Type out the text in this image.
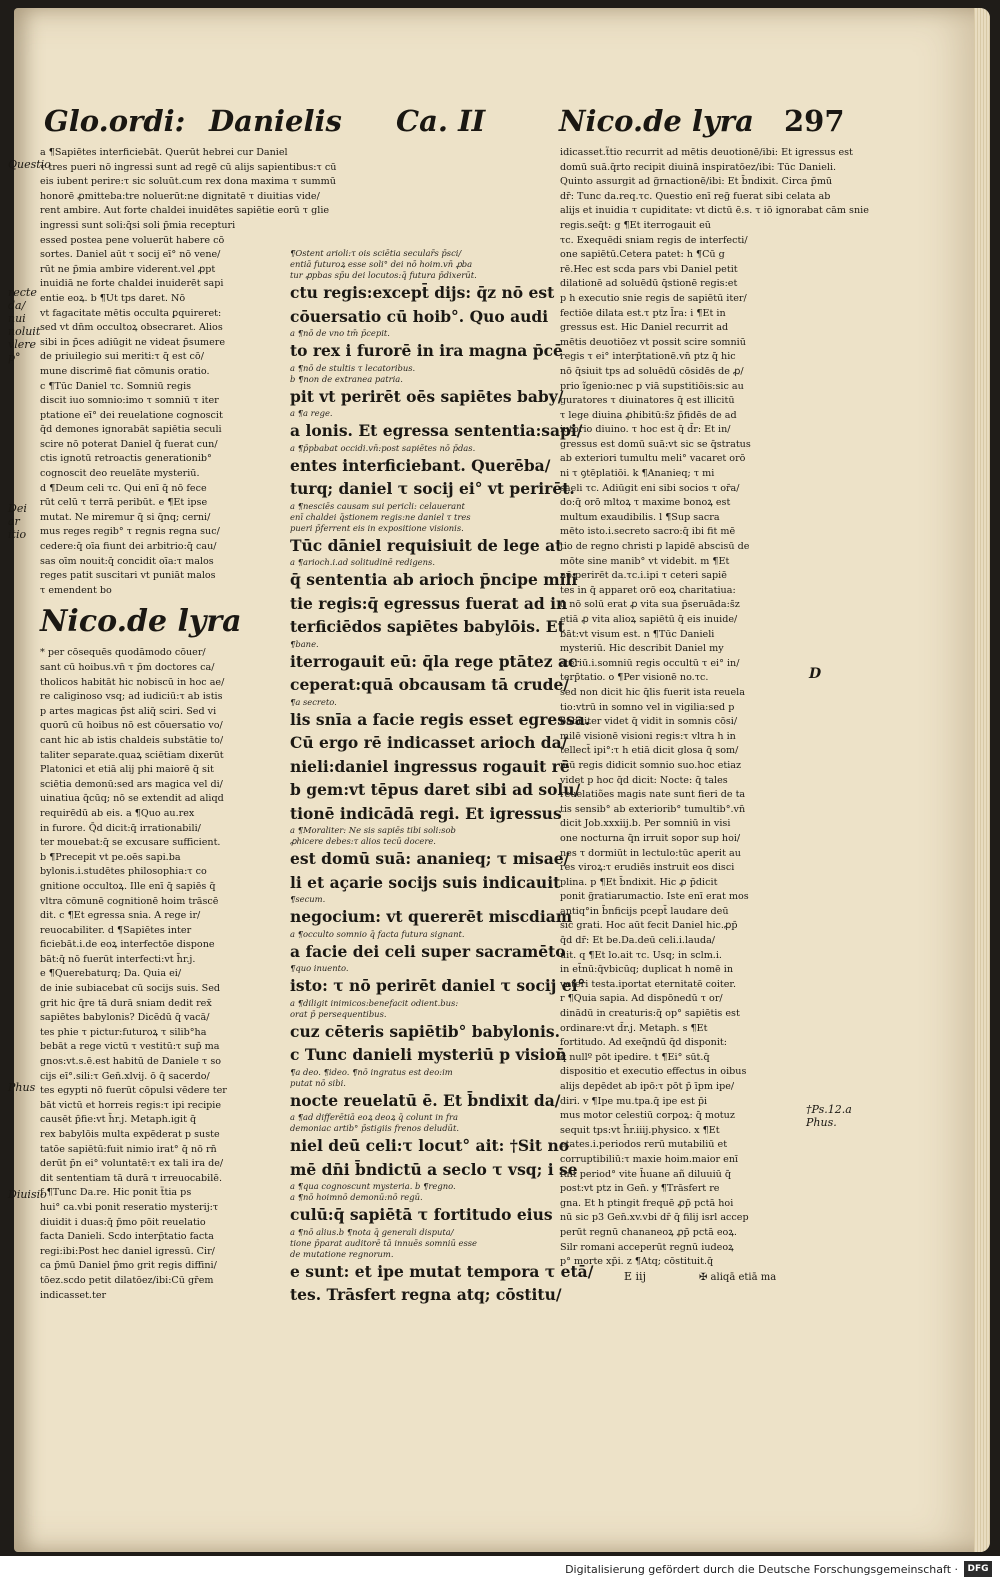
Glo.ordi: Danielis Ca. II	Nico.de lyra 297
Questio
recte da/ nui noluit vlere p°
Dei ar itio
Phus
Diuisio
a ¶Sapiētes interficiebāt. Querūt hebrei cur Daniel
τ tres pueri nō ingressi sunt ad regē cū alijs sapientibus:τ cū
eis iubent perire:τ sic soluūt.cum rex dona maxima τ summū
honorē ꝓmitteba:tre noluerūt:ne dignitatē τ diuitias vide/
rent ambire. Aut forte chaldei inuidētes sapiētie eorū τ glie
ingressi sunt soli:q̄si soli p̄mia recepturi
essed postea pene voluerūt habere cō
sortes. Daniel aūt τ socij eī° nō vene/
rūt ne p̄mia ambire viderent.vel ꝓpt
inuidiā ne forte chaldei inuiderēt sapi
entie eoꝝ. b ¶Ut tps daret. Nō
vt fagacitate mētis occulta ꝑquireret:
sed vt dn̄m occultoꝝ obsecraret. Alios
sibi in p̄ces adiūgit ne videat p̄sumere
de priuilegio sui meriti:τ q̄ est cō/
mune discrimē fiat cōmunis oratio.
c ¶Tūc Daniel τc. Somniū regis
discit iuo somnio:imo τ somniū τ iter
ptatione eī° dei reuelatione cognoscit
q̄d demones ignorabāt sapiētia seculi
scire nō poterat Daniel q̄ fuerat cun/
ctis ignotū retroactis generationib°
cognoscit deo reuelāte mysteriū.
d ¶Deum celi τc. Qui enī q̄ nō fece
rūt celū τ terrā peribūt. e ¶Et ipse
mutat. Ne miremur q̄ si q̄nq; cerni/
mus reges regib° τ regnis regna suc/
cedere:q̄ oīa fiunt dei arbitrio:q̄ cau/
sas oīm nouit:q̄ concidit oīa:τ malos
reges patit suscitari vt puniāt malos
τ emendent bo
Nico.de lyra
* per cōsequēs quodāmodo cōuer/
sant cū hoibus.vn̄ τ p̄m doctores ca/
tholicos habitāt hic nobiscū in hoc ae/
re caliginoso vsq; ad iudiciū:τ ab istis
p artes magicas p̄st aliq̄ sciri. Sed vi
quorū cū hoibus nō est cōuersatio vo/
cant hic ab istis chaldeis substātie to/
taliter separate.quaꝝ sciētiam dixerūt
Platonici et etiā alij phi maiorē q̄ sit
sciētia demonū:sed ars magica vel di/
uinatiua q̄cūq; nō se extendit ad aliqd
requirēdū ab eis. a ¶Quo au.rex
in furore. Q̄d dicit:q̄ irrationabili/
ter mouebat:q̄ se excusare sufficient.
b ¶Precepit vt pe.oēs sapi.ba
bylonis.i.studētes philosophia:τ co
gnitione occultoꝝ. Ille enī q̄ sapiēs q̄
vltra cōmunē cognitionē hoim trāscē
dit. c ¶Et egressa snia. A rege ir/
reuocabiliter. d ¶Sapiētes inter
ficiebāt.i.de eoꝝ interfectōe dispone
bāt:q̄ nō fuerūt interfecti:vt h̄r.j.
e ¶Querebaturq; Da. Quia ei/
de inie subiacebat cū socijs suis. Sed
grit hic q̄re tā durā sniam dedit rex̄
sapiētes babylonis? Dicēdū q̄ vacā/
tes phie τ pictur:futuroꝝ τ silib°ha
bebāt a rege victū τ vestitū:τ sup̄ ma
gnos:vt.s.ē.est habitū de Daniele τ so
cijs eī°.sili:τ Gen̄.xlvij. ō q̄ sacerdo/
tes egypti nō fuerūt cōpulsi vēdere ter
bāt victū et horreis regis:τ ipi recipie
causēt p̄fie:vt h̄r.j. Metaph.igit q̄
rex babylōis multa expēderat p suste
tatōe sapiētū:fuit nimio irat° q̄ nō rn̄
derūt p̄n ei° voluntatē:τ ex tali ira de/
dit sententiam tā durā τ irreuocabilē.
f ¶Tunc Da.re. Hic ponit ẗtia ps
hui° ca.vbi ponit reseratio mysterij:τ
diuidit i duas:q̄ p̄mo pōit reuelatio
facta Danieli. Scdo interp̄tatio facta
regi:ibi:Post hec daniel igressū. Cir/
ca p̄mū Daniel p̄mo grit regis diffini/
tōez.scdo petit dilatōez/ibi:Cū gr̄em
indicasset.ter
¶Ostent arioli:τ ois sciētia secular̄s p̄sci/
entiā futuroꝝ esse soli° dei nō hoim.vn̄ ꝓba
tur ꝓpbas sp̄u dei locutos:q̄ futura p̄dixerūt.
ctu regis:except̄ dijs: q̄z nō est
cōuersatio cū hoib°. Quo audi
a ¶nō de vno tm̄ p̄cepit.
to rex i furorē in ira magna p̄cē
a ¶nō de stultis τ lecatoribus.
b ¶non de extranea patria.
pit vt perirēt oēs sapiētes baby/
a ¶a rege.
a lonis. Et egressa sententia:sapi/
a ¶p̄pbabat occidi.vn̄:post sapiētes nō p̄das.
entes interficiebant. Querēba/
turq; daniel τ socij ei° vt perirēt.
a ¶nesciēs causam sui pericli: celauerant
enī chaldei q̄stionem regis:ne daniel τ tres
pueri p̄ferrent eis in expositione visionis.
Tūc dāniel requisiuit de lege at
a ¶arioch.i.ad solitudinē redigens.
q̄ sententia ab arioch p̄ncipe mili
tie regis:q̄ egressus fuerat ad in
terficiēdos sapiētes babylōis. Et
¶bane.
iterrogauit eū: q̄la rege ptātez ac
ceperat:quā obcausam tā crude/
¶a secreto.
lis snīa a facie regis esset egressa.
Cū ergo rē indicasset arioch da/
nieli:daniel ingressus rogauit rē
b gem:vt tēpus daret sibi ad solu/
tionē indicādā regi. Et igressus
a ¶Moraliter: Ne sis sapiēs tibi soli:sob
ꝓhicere debes:τ alios tecū docere.
est domū suā: ananieq; τ misae/
li et açarie socijs suis indicauit
¶secum.
negocium: vt quererēt miscdiam
a ¶occulto somnio q̄ facta futura signant.
a facie dei celi super sacramēto
¶quo inuento.
isto: τ nō perirēt daniel τ socij ei°
a ¶diligit inimicos:benefacit odient.bus:
orat p̄ persequentibus.
cuz cēteris sapiētib° babylonis.
c Tunc danieli mysteriū p vision̄
¶a deo. ¶ideo. ¶nō ingratus est deo:im
putat nō sibi.
nocte reuelatū ē. Et b̄ndixit da/
a ¶ad differētiā eoꝝ deoꝝ q̄ colunt in fra
demoniac artib° p̄stigiis frenos deludūt.
niel deū celi:τ locut° ait: †Sit no
mē dn̄i b̄ndictū a seclo τ vsq; i se
a ¶qua cognoscunt mysteria. b ¶regno.
a ¶nō hoimnō demonū:nō regū.
culū:q̄ sapiētā τ fortitudo eius
a ¶nō alius.b ¶nota q̄ generali disputa/
tione p̄parat auditorē tā innuēs somniū esse
de mutatione regnorum.
e sunt: et ipe mutat tempora τ etā/
tes. Trāsfert regna atq; cōstitu/
idicasset.ẗtio recurrit ad mētis deuotionē/ibi: Et igressus est
domū suā.q̄rto recipit diuinā inspiratōez/ibi: Tūc Danieli.
Quinto assurgit ad g̃rnactionē/ibi: Et b̄ndixit. Circa p̄mū
dr̄: Tunc da.req.τc. Questio enī reg̃ fuerat sibi celata ab
alijs et inuidia τ cupiditate: vt dictū ē.s. τ iō ignorabat cām snie
regis.seq̄t: g ¶Et iterrogauit eū
τc. Exequēdi sniam regis de interfecti/
one sapiētū.Cetera patet: h ¶Cū g
rē.Hec est scda pars vbi Daniel petit
dilationē ad soluēdū q̄stionē regis:et
p h executio snie regis de sapiētū iter/
fectiōe dilata est.τ ptz l̄ra: i ¶Et in
gressus est. Hic Daniel recurrit ad
mētis deuotiōez vt possit scire somniū
regis τ ei° interp̄tationē.vn̄ ptz q̄ hic
nō q̄siuit tps ad soluēdū cōsidēs de ꝓ/
prio ĩgenio:nec p viā supstitiōis:sic au
guratores τ diuinatores q̄ est illicitū
τ lege diuina ꝓhibitū:s̄z p̄fidēs de ad
iutorio diuino. τ hoc est q̄ d̄r: Et in/
gressus est domū suā:vt sic se q̄stratus
ab exteriori tumultu meli° vacaret orō
ni τ ꝯtēplatiōi. k ¶Ananieq; τ mi
saeli τc. Adiūgit eni sibi socios τ or̄a/
do:q̄ orō mltoꝝ τ maxime bonoꝝ est
multum exaudibilis. l ¶Sup sacra
mēto isto.i.secreto sacro:q̄ ibi fit mē
tio de regno christi p lapidē abscisū de
mōte sine manib° vt videbit. m ¶Et
nō perirēt da.τc.i.ipi τ ceteri sapiē
tes in q̄ apparet orō eoꝝ charitatiua:
q̄ nō solū erat ꝓ vita sua p̄seruāda:s̄z
etiā ꝓ vita alioꝝ sapiētū q̄ eis inuide/
bāt:vt visum est. n ¶Tūc Danieli
mysteriū. Hic describit Daniel my
steriū.i.somniū regis occultū τ ei° in/
terp̄tatio. o ¶Per visionē no.τc.
sed non dicit hic q̄lis fuerit ista reuela
tio:vtrū in somno vel in vigilia:sed p
babiliter videt q̄ vidit in somnis cōsi/
milē visionē visioni regis:τ vltra h in
tellect̄ ipi°:τ h etiā dicit glosa q̄ som/
niū regis didicit somnio suo.hoc etiaz
videt p hoc q̄d dicit: Nocte: q̄ tales
reuelatiões magis nate sunt fieri de ta
tis sensib° ab exteriorib° tumultib°.vn̄
dicit Job.xxxiij.b. Per somniū in visi
one nocturna q̄n irruit sopor sup hoi/
nes τ dormiūt in lectulo:tūc aperit au
res viroꝝ:τ erudiēs instruit eos disci
plina. p ¶Et b̄ndixit. Hic ꝓ p̄dicit
ponit g̃ratiarumactio. Iste enī erat mos
antiq°in b̄nficijs pcept̄ laudare deū
sic grati. Hoc aūt fecit Daniel hic.ꝓp̄
q̄d dr̄: Et be.Da.deū celi.i.lauda/
uit. q ¶Et lo.ait τc. Usq; in sclm.i.
in et̄nū:q̄vbicūq; duplicat h nomē in
veteri testa.iportat eternitatē coiter.
r ¶Quia sapia. Ad dispōnedū τ or/
dinādū in creaturis:q̄ op° sapiētis est
ordinare:vt d̄r.j. Metaph. s ¶Et
fortitudo. Ad exeq̄ndū q̄d disponit:
q̄ nullº pōt ipedire. t ¶Ei° sūt.q̄
dispositio et executio effectus in oibus
alijs depēdet ab ipō:τ pōt p̄ īpm ipe/
diri. v ¶Ipe mu.tpa.q̄ ipe est p̄i
mus motor celestiū corpoꝝ: q̄ motuz
sequit tps:vt h̄r.iiij.physico. x ¶Et
etates.i.periodos rerū mutabiliū et
corruptibiliū:τ maxie hoim.maior enī
fuit period° vite h̄uane añ diluuiū q̄
post:vt ptz in Gen̄. y ¶Trāsfert re
gna. Et h ptingit frequē ꝓp̄ pctā hoi
nū sic p3 Gen̄.xv.vbi dr̄ q̄ filij isrl accep
perūt regnū chananeoꝝ ꝓp̄ pctā eoꝝ.
Silr romani acceperūt regnū iudeoꝝ
p° morte xp̄i. z ¶Atq; cōstituit.q̄
D
†Ps.12.a Phus.
E iij	✠ aliqā etiā ma
Digitalisierung gefördert durch die Deutsche Forschungsgemeinschaft ·	DFG
